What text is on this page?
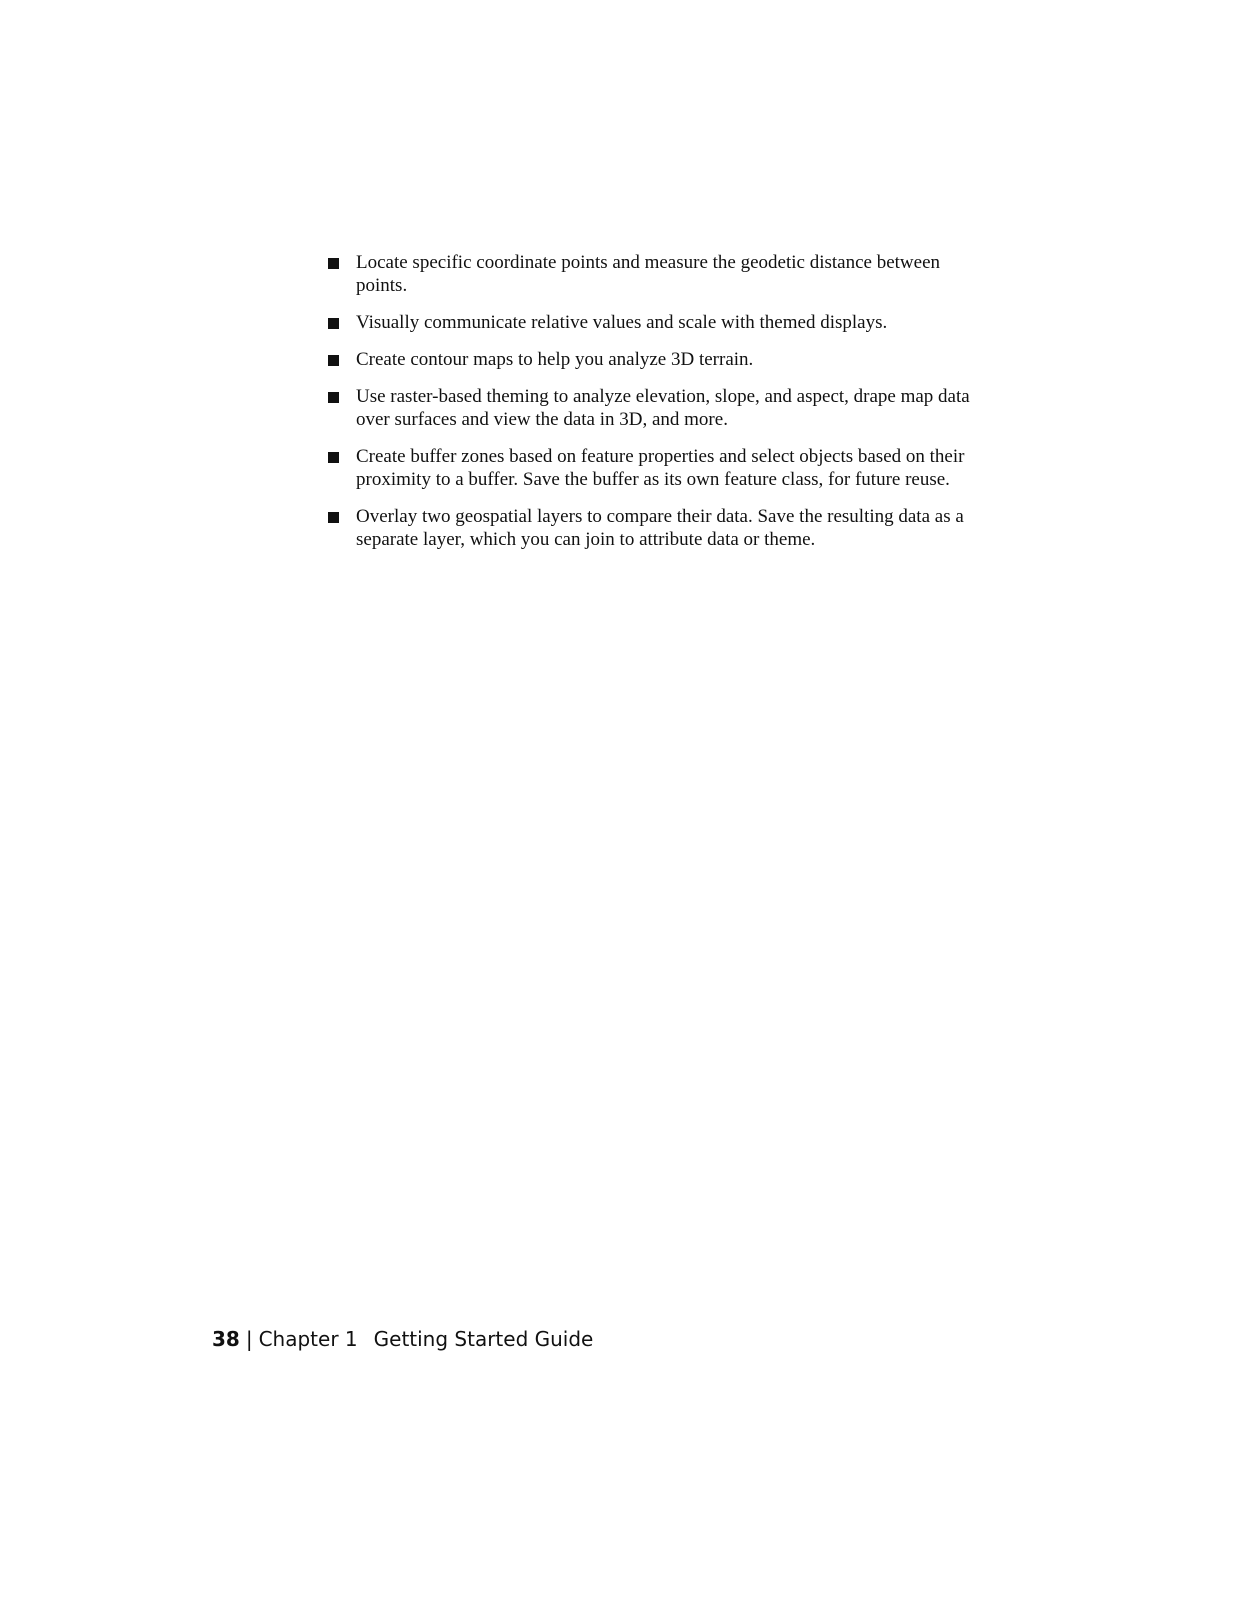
Locate specific coordinate points and measure the geodetic distance between points.
Visually communicate relative values and scale with themed displays.
Create contour maps to help you analyze 3D terrain.
Use raster-based theming to analyze elevation, slope, and aspect, drape map data over surfaces and view the data in 3D, and more.
Create buffer zones based on feature properties and select objects based on their proximity to a buffer. Save the buffer as its own feature class, for future reuse.
Overlay two geospatial layers to compare their data. Save the resulting data as a separate layer, which you can join to attribute data or theme.
38 | Chapter 1 Getting Started Guide
